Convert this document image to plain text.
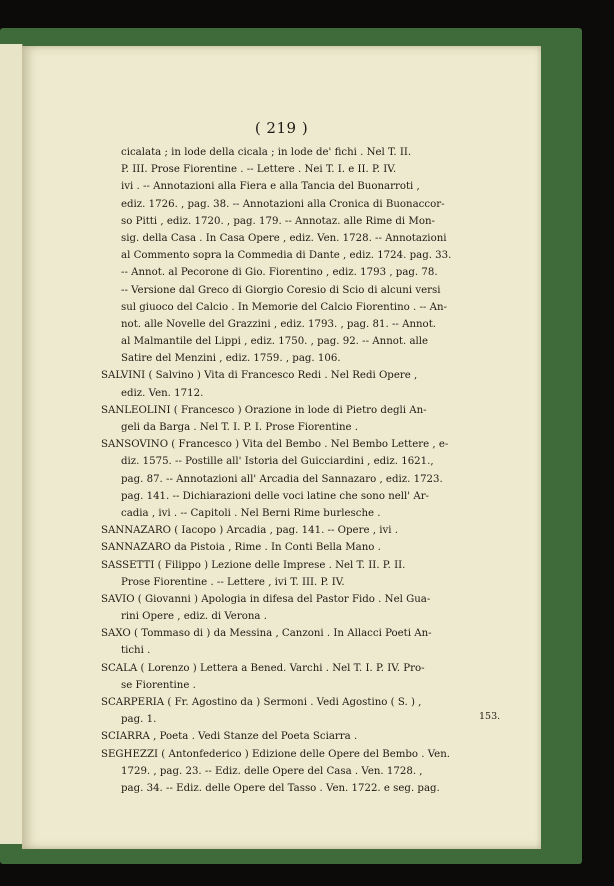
( 219 )
cicalata ; in lode della cicala ; in lode de' fichi . Nel T. II.
P. III. Prose Fiorentine . -- Lettere . Nei T. I. e II. P. IV.
ivi . -- Annotazioni alla Fiera e alla Tancia del Buonarroti ,
ediz. 1726. , pag. 38. -- Annotazioni alla Cronica di Buonaccor-
so Pitti , ediz. 1720. , pag. 179. -- Annotaz. alle Rime di Mon-
sig. della Casa . In Casa Opere , ediz. Ven. 1728. -- Annotazioni
al Commento sopra la Commedia di Dante , ediz. 1724. pag. 33.
-- Annot. al Pecorone di Gio. Fiorentino , ediz. 1793 , pag. 78.
-- Versione dal Greco di Giorgio Coresio di Scio di alcuni versi
sul giuoco del Calcio . In Memorie del Calcio Fiorentino . -- An-
not. alle Novelle del Grazzini , ediz. 1793. , pag. 81. -- Annot.
al Malmantile del Lippi , ediz. 1750. , pag. 92. -- Annot. alle
Satire del Menzini , ediz. 1759. , pag. 106.
SALVINI ( Salvino ) Vita di Francesco Redi . Nel Redi Opere ,
ediz. Ven. 1712.
SANLEOLINI ( Francesco ) Orazione in lode di Pietro degli An-
geli da Barga . Nel T. I. P. I. Prose Fiorentine .
SANSOVINO ( Francesco ) Vita del Bembo . Nel Bembo Lettere , e-
diz. 1575. -- Postille all' Istoria del Guicciardini , ediz. 1621.,
pag. 87. -- Annotazioni all' Arcadia del Sannazaro , ediz. 1723.
pag. 141. -- Dichiarazioni delle voci latine che sono nell' Ar-
cadia , ivi . -- Capitoli . Nel Berni Rime burlesche .
SANNAZARO ( Iacopo ) Arcadia , pag. 141. -- Opere , ivi .
SANNAZARO da Pistoia , Rime . In Conti Bella Mano .
SASSETTI ( Filippo ) Lezione delle Imprese . Nel T. II. P. II.
Prose Fiorentine . -- Lettere , ivi T. III. P. IV.
SAVIO ( Giovanni ) Apologia in difesa del Pastor Fido . Nel Gua-
rini Opere , ediz. di Verona .
SAXO ( Tommaso di ) da Messina , Canzoni . In Allacci Poeti An-
tichi .
SCALA ( Lorenzo ) Lettera a Bened. Varchi . Nel T. I. P. IV. Pro-
se Fiorentine .
SCARPERIA ( Fr. Agostino da ) Sermoni . Vedi Agostino ( S. ) ,
pag. 1.
SCIARRA , Poeta . Vedi Stanze del Poeta Sciarra .
SEGHEZZI ( Antonfederico ) Edizione delle Opere del Bembo . Ven.
1729. , pag. 23. -- Ediz. delle Opere del Casa . Ven. 1728. ,
pag. 34. -- Ediz. delle Opere del Tasso . Ven. 1722. e seg. pag.
153.
